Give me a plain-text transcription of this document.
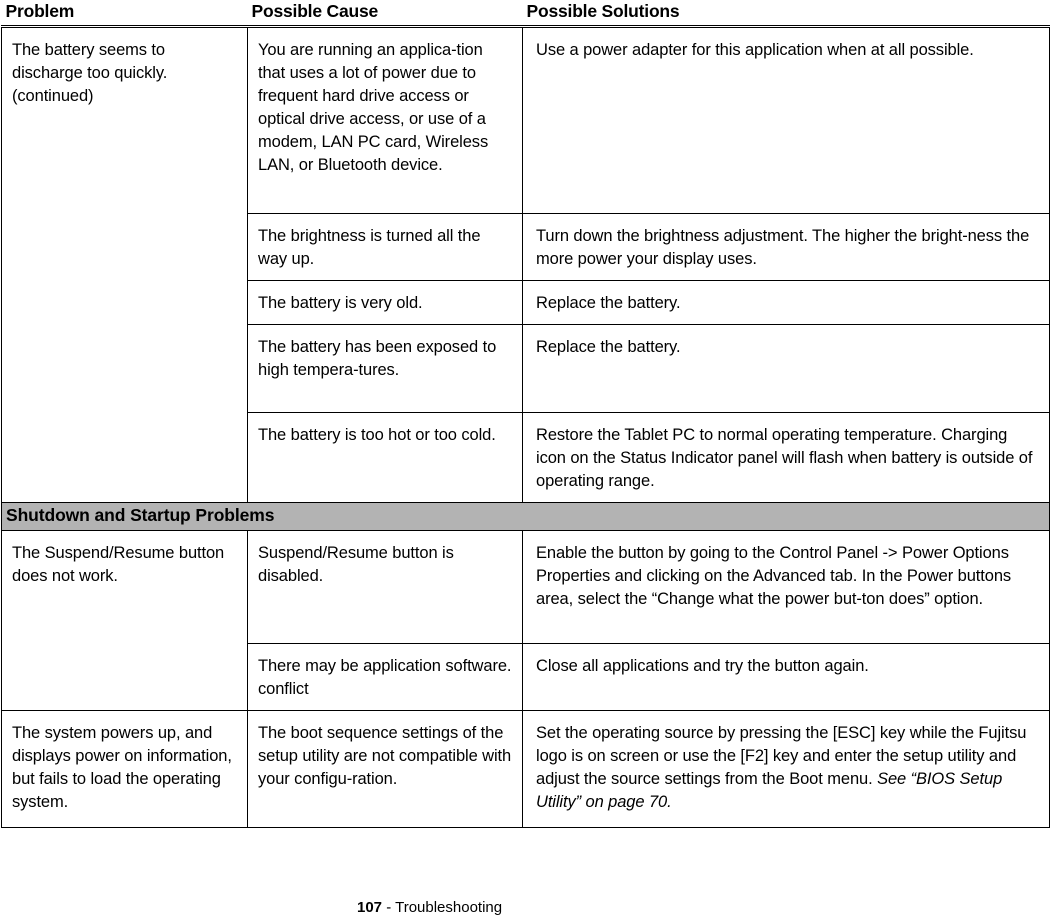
Problem	Possible Cause	Possible Solutions
The battery seems to discharge too quickly. (continued)	You are running an applica-tion that uses a lot of power due to frequent hard drive access or optical drive access, or use of a modem, LAN PC card, Wireless LAN, or Bluetooth device.	Use a power adapter for this application when at all possible.
	The brightness is turned all the way up.	Turn down the brightness adjustment. The higher the bright-ness the more power your display uses.
	The battery is very old.	Replace the battery.
	The battery has been exposed to high tempera-tures.	Replace the battery.
	The battery is too hot or too cold.	Restore the Tablet PC to normal operating temperature. Charging icon on the Status Indicator panel will flash when battery is outside of operating range.
Shutdown and Startup Problems		
The Suspend/Resume button does not work.	Suspend/Resume button is disabled.	Enable the button by going to the Control Panel -> Power Options Properties and clicking on the Advanced tab. In the Power buttons area, select the “Change what the power but-ton does” option.
	There may be application software. conflict	Close all applications and try the button again.
The system powers up, and displays power on information, but fails to load the operating system.	The boot sequence settings of the setup utility are not compatible with your configu-ration.	Set the operating source by pressing the [ESC] key while the Fujitsu logo is on screen or use the [F2] key and enter the setup utility and adjust the source settings from the Boot menu. See “BIOS Setup Utility” on page 70.
107 - Troubleshooting
